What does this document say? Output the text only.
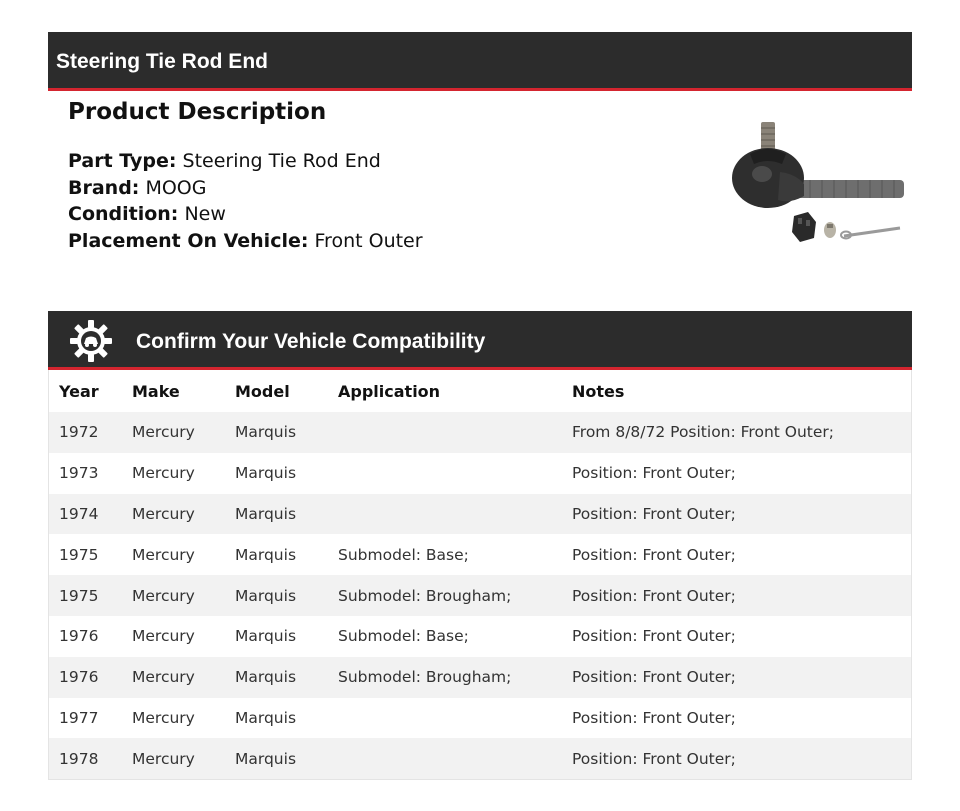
Steering Tie Rod End
Product Description
Part Type: Steering Tie Rod End
Brand: MOOG
Condition: New
Placement On Vehicle: Front Outer
Confirm Your Vehicle Compatibility
Year	Make	Model	Application	Notes
1972	Mercury	Marquis		From 8/8/72 Position: Front Outer;
1973	Mercury	Marquis		Position: Front Outer;
1974	Mercury	Marquis		Position: Front Outer;
1975	Mercury	Marquis	Submodel: Base;	Position: Front Outer;
1975	Mercury	Marquis	Submodel: Brougham;	Position: Front Outer;
1976	Mercury	Marquis	Submodel: Base;	Position: Front Outer;
1976	Mercury	Marquis	Submodel: Brougham;	Position: Front Outer;
1977	Mercury	Marquis		Position: Front Outer;
1978	Mercury	Marquis		Position: Front Outer;
